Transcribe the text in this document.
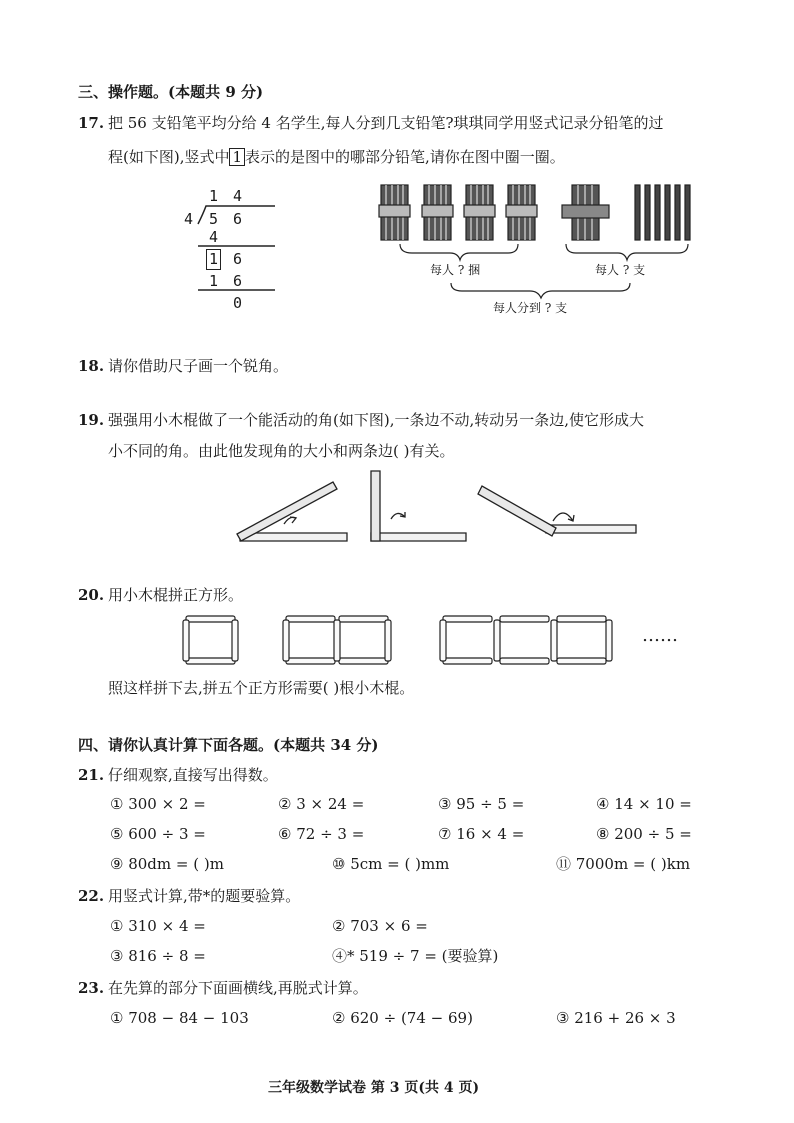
三、操作题。(本题共 9 分)
17. 把 56 支铅笔平均分给 4 名学生,每人分到几支铅笔?琪琪同学用竖式记录分铅笔的过
程(如下图),竖式中 1 表示的是图中的哪部分铅笔,请你在图中圈一圈。
1 4
4 5 6
4
1 6
1 6
0
每人 ? 捆	每人 ? 支
每人分到 ? 支
18. 请你借助尺子画一个锐角。
19. 强强用小木棍做了一个能活动的角(如下图),一条边不动,转动另一条边,使它形成大
小不同的角。由此他发现角的大小和两条边( )有关。
20. 用小木棍拼正方形。
……
照这样拼下去,拼五个正方形需要( )根小木棍。
四、请你认真计算下面各题。(本题共 34 分)
21. 仔细观察,直接写出得数。
① 300 × 2 =	② 3 × 24 =	③ 95 ÷ 5 =	④ 14 × 10 =
⑤ 600 ÷ 3 =	⑥ 72 ÷ 3 =	⑦ 16 × 4 =	⑧ 200 ÷ 5 =
⑨ 80dm = ( )m	⑩ 5cm = ( )mm	⑪ 7000m = ( )km
22. 用竖式计算,带*的题要验算。
① 310 × 4 =	② 703 × 6 =
③ 816 ÷ 8 =	④* 519 ÷ 7 = (要验算)
23. 在先算的部分下面画横线,再脱式计算。
① 708 − 84 − 103	② 620 ÷ (74 − 69)	③ 216 + 26 × 3
三年级数学试卷 第 3 页(共 4 页)
